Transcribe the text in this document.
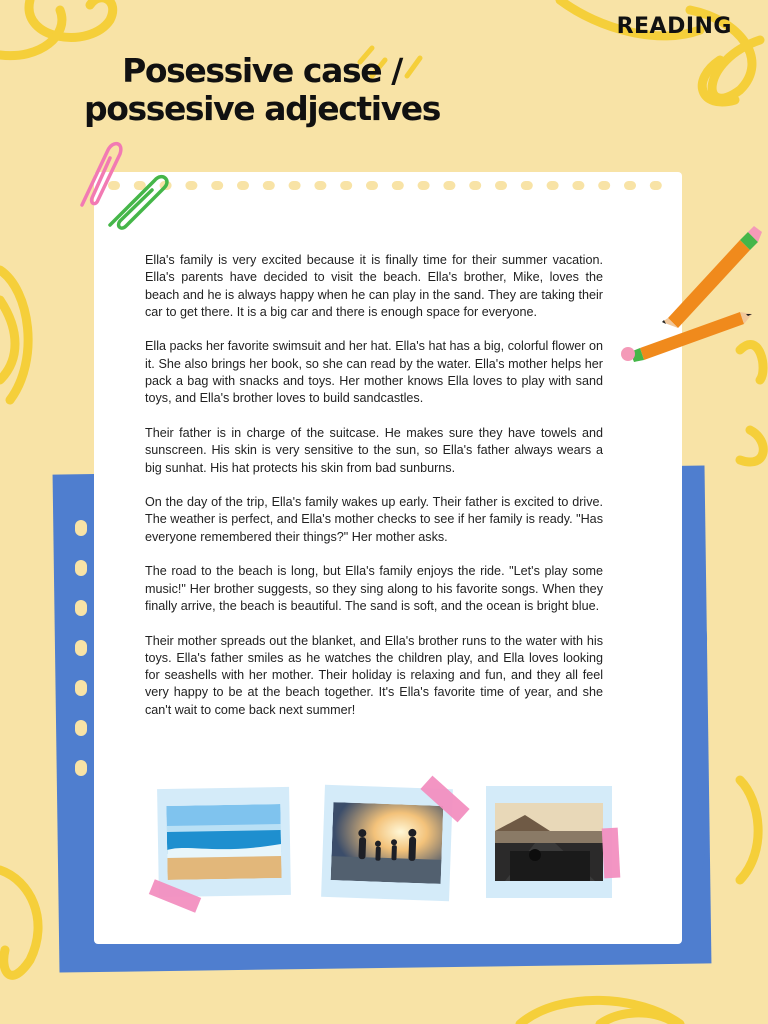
READING
Posessive case /
possesive adjectives

Ella's family is very excited because it is finally time for their summer vacation. Ella's parents have decided to visit the beach. Ella's brother, Mike, loves the beach and he is always happy when he can play in the sand. They are taking their car to get there. It is a big car and there is enough space for everyone.

Ella packs her favorite swimsuit and her hat. Ella's hat has a big, colorful flower on it. She also brings her book, so she can read by the water. Ella's mother helps her pack a bag with snacks and toys. Her mother knows Ella loves to play with sand toys, and Ella's brother loves to build sandcastles.

Their father is in charge of the suitcase. He makes sure they have towels and sunscreen. His skin is very sensitive to the sun, so Ella's father always wears a big sunhat. His hat protects his skin from bad sunburns.

On the day of the trip, Ella's family wakes up early. Their father is excited to drive. The weather is perfect, and Ella's mother checks to see if her family is ready. "Has everyone remembered their things?" Her mother asks.

The road to the beach is long, but Ella's family enjoys the ride. "Let's play some music!" Her brother suggests, so they sing along to his favorite songs. When they finally arrive, the beach is beautiful. The sand is soft, and the ocean is bright blue.

Their mother spreads out the blanket, and Ella's brother runs to the water with his toys. Ella's father smiles as he watches the children play, and Ella loves looking for seashells with her mother. Their holiday is relaxing and fun, and they all feel very happy to be at the beach together. It's Ella's favorite time of year, and she can't wait to come back next summer!
